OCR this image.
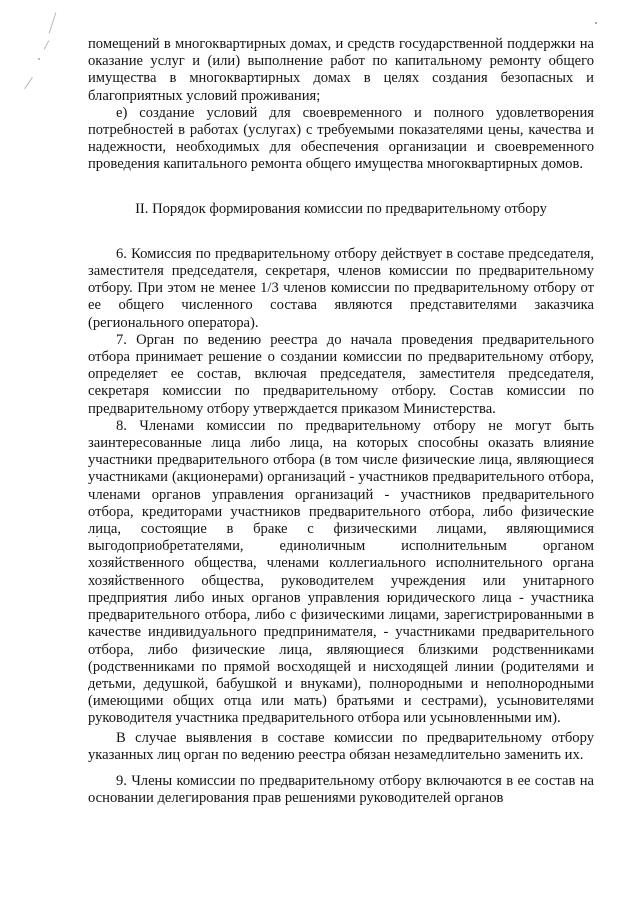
помещений в многоквартирных домах, и средств государственной поддержки на оказание услуг и (или) выполнение работ по капитальному ремонту общего имущества в многоквартирных домах в целях создания безопасных и благоприятных условий проживания;

е) создание условий для своевременного и полного удовлетворения потребностей в работах (услугах) с требуемыми показателями цены, качества и надежности, необходимых для обеспечения организации и своевременного проведения капитального ремонта общего имущества многоквартирных домов.

II. Порядок формирования комиссии по предварительному отбору

6. Комиссия по предварительному отбору действует в составе председателя, заместителя председателя, секретаря, членов комиссии по предварительному отбору. При этом не менее 1/3 членов комиссии по предварительному отбору от ее общего численного состава являются представителями заказчика (регионального оператора).

7. Орган по ведению реестра до начала проведения предварительного отбора принимает решение о создании комиссии по предварительному отбору, определяет ее состав, включая председателя, заместителя председателя, секретаря комиссии по предварительному отбору. Состав комиссии по предварительному отбору утверждается приказом Министерства.

8. Членами комиссии по предварительному отбору не могут быть заинтересованные лица либо лица, на которых способны оказать влияние участники предварительного отбора (в том числе физические лица, являющиеся участниками (акционерами) организаций - участников предварительного отбора, членами органов управления организаций - участников предварительного отбора, кредиторами участников предварительного отбора, либо физические лица, состоящие в браке с физическими лицами, являющимися выгодоприобретателями, единоличным исполнительным органом хозяйственного общества, членами коллегиального исполнительного органа хозяйственного общества, руководителем учреждения или унитарного предприятия либо иных органов управления юридического лица - участника предварительного отбора, либо с физическими лицами, зарегистрированными в качестве индивидуального предпринимателя, - участниками предварительного отбора, либо физические лица, являющиеся близкими родственниками (родственниками по прямой восходящей и нисходящей линии (родителями и детьми, дедушкой, бабушкой и внуками), полнородными и неполнородными (имеющими общих отца или мать) братьями и сестрами), усыновителями руководителя участника предварительного отбора или усыновленными им).

В случае выявления в составе комиссии по предварительному отбору указанных лиц орган по ведению реестра обязан незамедлительно заменить их.

9. Члены комиссии по предварительному отбору включаются в ее состав на основании делегирования прав решениями руководителей органов
